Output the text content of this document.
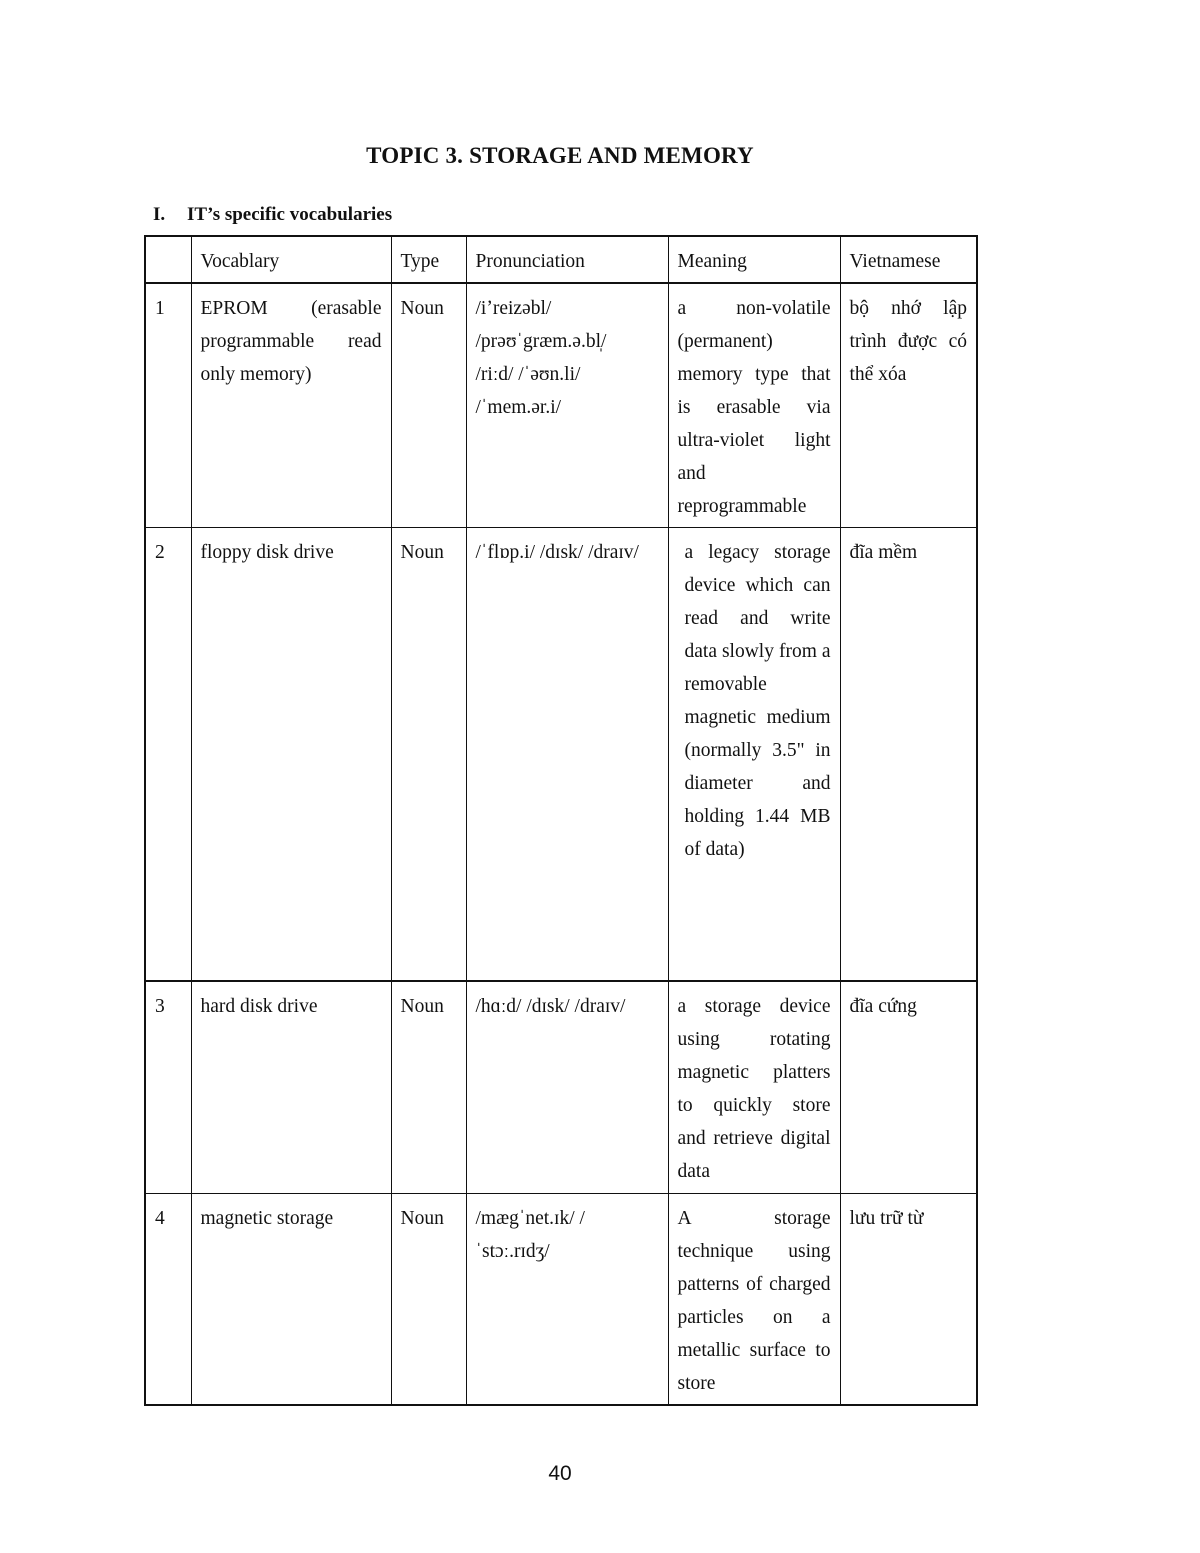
TOPIC 3. STORAGE AND MEMORY
I. IT’s specific vocabularies
	Vocablary	Type	Pronunciation	Meaning	Vietnamese
1	EPROM (erasable programmable read only memory)	Noun	/iʼreizəbl/
/prəʊˈgræm.ə.bl̩/
/riːd/ /ˈəʊn.li/
/ˈmem.ər.i/	a non-volatile (permanent) memory type that is erasable via ultra-violet light and reprogrammable	bộ nhớ lập trình được có thể xóa
2	floppy disk drive	Noun	/ˈflɒp.i/ /dɪsk/ /draɪv/	a legacy storage device which can read and write data slowly from a removable magnetic medium (normally 3.5" in diameter and holding 1.44 MB of data)	đĩa mềm
3	hard disk drive	Noun	/hɑːd/ /dɪsk/ /draɪv/	a storage device using rotating magnetic platters to quickly store and retrieve digital data	đĩa cứng
4	magnetic storage	Noun	/mægˈnet.ɪk/ /ˈstɔː.rɪdʒ/	A storage technique using patterns of charged particles on a metallic surface to store	lưu trữ từ
40
